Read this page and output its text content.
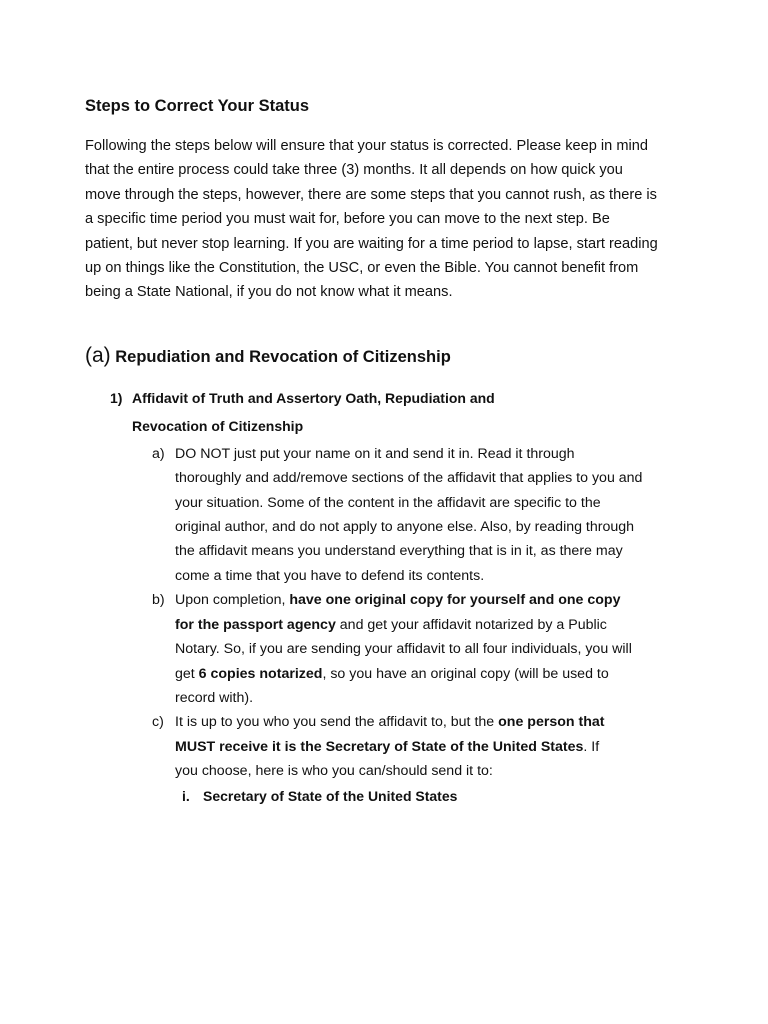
Steps to Correct Your Status

Following the steps below will ensure that your status is corrected. Please keep in mind
that the entire process could take three (3) months. It all depends on how quick you
move through the steps, however, there are some steps that you cannot rush, as there is
a specific time period you must wait for, before you can move to the next step. Be
patient, but never stop learning. If you are waiting for a time period to lapse, start reading
up on things like the Constitution, the USC, or even the Bible. You cannot benefit from
being a State National, if you do not know what it means.

(a) Repudiation and Revocation of Citizenship
1) Affidavit of Truth and Assertory Oath, Repudiation and
Revocation of Citizenship
a) DO NOT just put your name on it and send it in. Read it through
thoroughly and add/remove sections of the affidavit that applies to you and
your situation. Some of the content in the affidavit are specific to the
original author, and do not apply to anyone else. Also, by reading through
the affidavit means you understand everything that is in it, as there may
come a time that you have to defend its contents.
b) Upon completion, have one original copy for yourself and one copy
for the passport agency and get your affidavit notarized by a Public
Notary. So, if you are sending your affidavit to all four individuals, you will
get 6 copies notarized, so you have an original copy (will be used to
record with).
c) It is up to you who you send the affidavit to, but the one person that
MUST receive it is the Secretary of State of the United States. If
you choose, here is who you can/should send it to:
i. Secretary of State of the United States
